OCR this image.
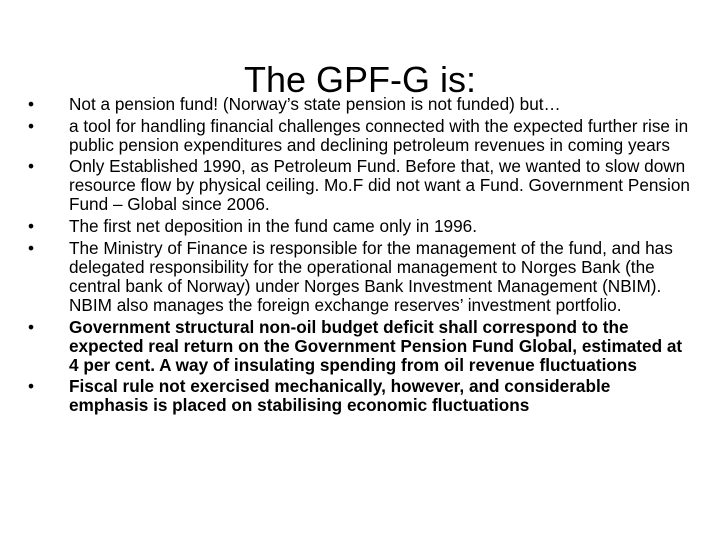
The GPF-G is:
•	Not a pension fund! (Norway’s state pension is not funded) but…
•	a tool for handling financial challenges connected with the expected further rise in public pension expenditures and declining petroleum revenues in coming years
•	Only Established 1990, as Petroleum Fund. Before that, we wanted to slow down resource flow by physical ceiling. Mo.F did not want a Fund. Government Pension Fund – Global since 2006.
•	The first net deposition in the fund came only in 1996.
•	The Ministry of Finance is responsible for the management of the fund, and has delegated responsibility for the operational management to Norges Bank (the central bank of Norway) under Norges Bank Investment Management (NBIM). NBIM also manages the foreign exchange reserves’ investment portfolio.
•	Government structural non-oil budget deficit shall correspond to the expected real return on the Government Pension Fund Global, estimated at 4 per cent. A way of insulating spending from oil revenue fluctuations
•	Fiscal rule not exercised mechanically, however, and considerable emphasis is placed on stabilising economic fluctuations
